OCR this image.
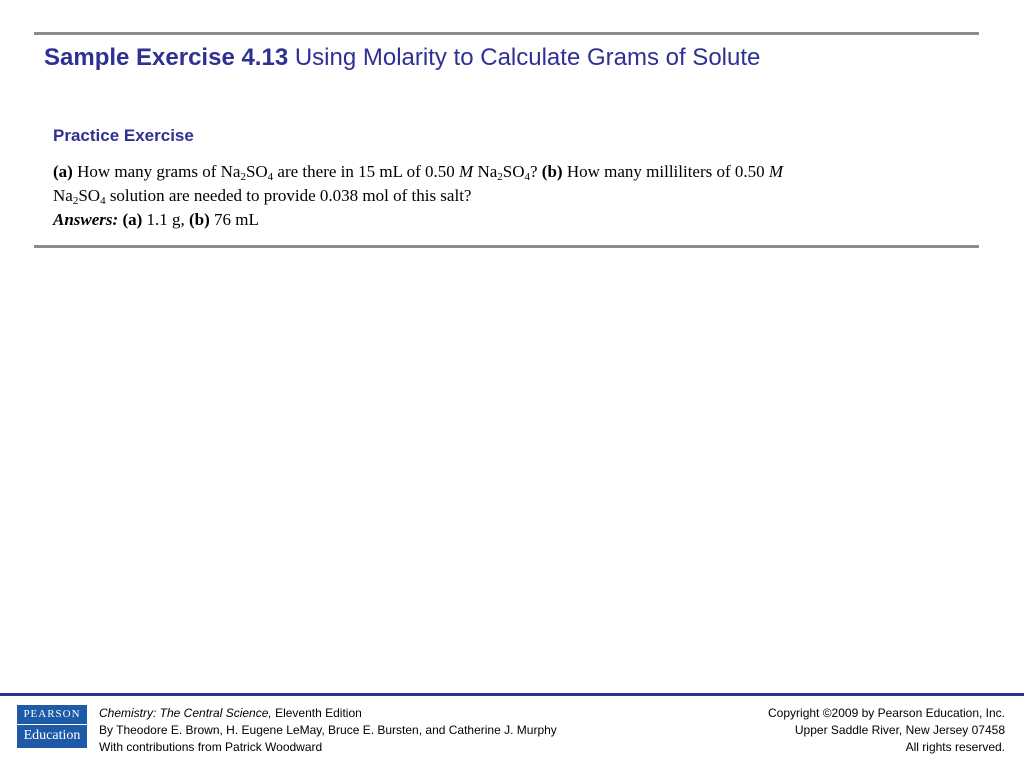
Sample Exercise 4.13 Using Molarity to Calculate Grams of Solute
Practice Exercise
(a) How many grams of $Na_2SO_4$ are there in 15 mL of 0.50 M $Na_2SO_4$? (b) How many milliliters of 0.50 M
$Na_2SO_4$ solution are needed to provide 0.038 mol of this salt?
Answers: (a) 1.1 g, (b) 76 mL
PEARSON
Education
Chemistry: The Central Science, Eleventh Edition
By Theodore E. Brown, H. Eugene LeMay, Bruce E. Bursten, and Catherine J. Murphy
With contributions from Patrick Woodward
Copyright ©2009 by Pearson Education, Inc.
Upper Saddle River, New Jersey 07458
All rights reserved.
